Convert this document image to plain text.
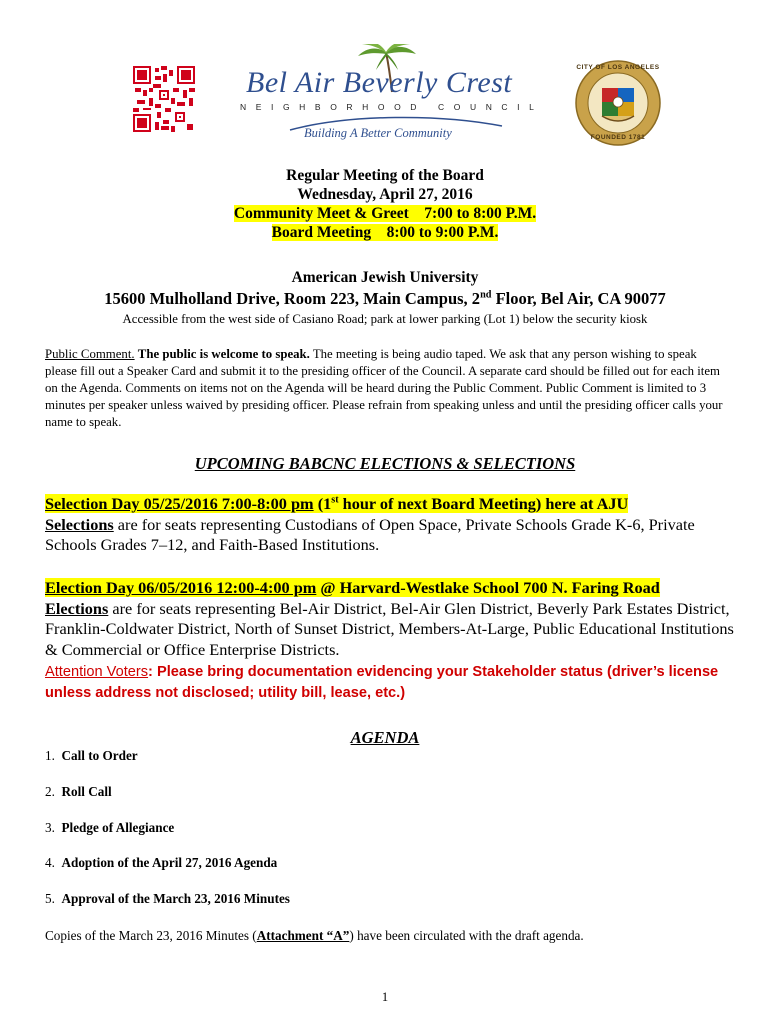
Bel Air Beverly Crest
NEIGHBORHOOD COUNCIL
Building A Better Community
CITY OF LOS ANGELES
FOUNDED 1781
Regular Meeting of the Board
Wednesday, April 27, 2016
Community Meet & Greet    7:00 to 8:00 P.M.
Board Meeting    8:00 to 9:00 P.M.
American Jewish University
15600 Mulholland Drive, Room 223, Main Campus, 2nd Floor, Bel Air, CA 90077
Accessible from the west side of Casiano Road; park at lower parking (Lot 1) below the security kiosk
Public Comment. The public is welcome to speak. The meeting is being audio taped. We ask that any person wishing to speak please fill out a Speaker Card and submit it to the presiding officer of the Council. A separate card should be filled out for each item on the Agenda. Comments on items not on the Agenda will be heard during the Public Comment. Public Comment is limited to 3 minutes per speaker unless waived by presiding officer. Please refrain from speaking unless and until the presiding officer calls your name to speak.
UPCOMING BABCNC ELECTIONS & SELECTIONS
Selection Day 05/25/2016 7:00-8:00 pm (1st hour of next Board Meeting) here at AJU
Selections are for seats representing Custodians of Open Space, Private Schools Grade K-6, Private Schools Grades 7–12, and Faith-Based Institutions.
Election Day 06/05/2016 12:00-4:00 pm @ Harvard-Westlake School 700 N. Faring Road
Elections are for seats representing Bel-Air District, Bel-Air Glen District, Beverly Park Estates District, Franklin-Coldwater District, North of Sunset District, Members-At-Large, Public Educational Institutions & Commercial or Office Enterprise Districts.
Attention Voters: Please bring documentation evidencing your Stakeholder status (driver’s license unless address not disclosed; utility bill, lease, etc.)
AGENDA
1. Call to Order
2. Roll Call
3. Pledge of Allegiance
4. Adoption of the April 27, 2016 Agenda
5. Approval of the March 23, 2016 Minutes
Copies of the March 23, 2016 Minutes (Attachment “A”) have been circulated with the draft agenda.
1
